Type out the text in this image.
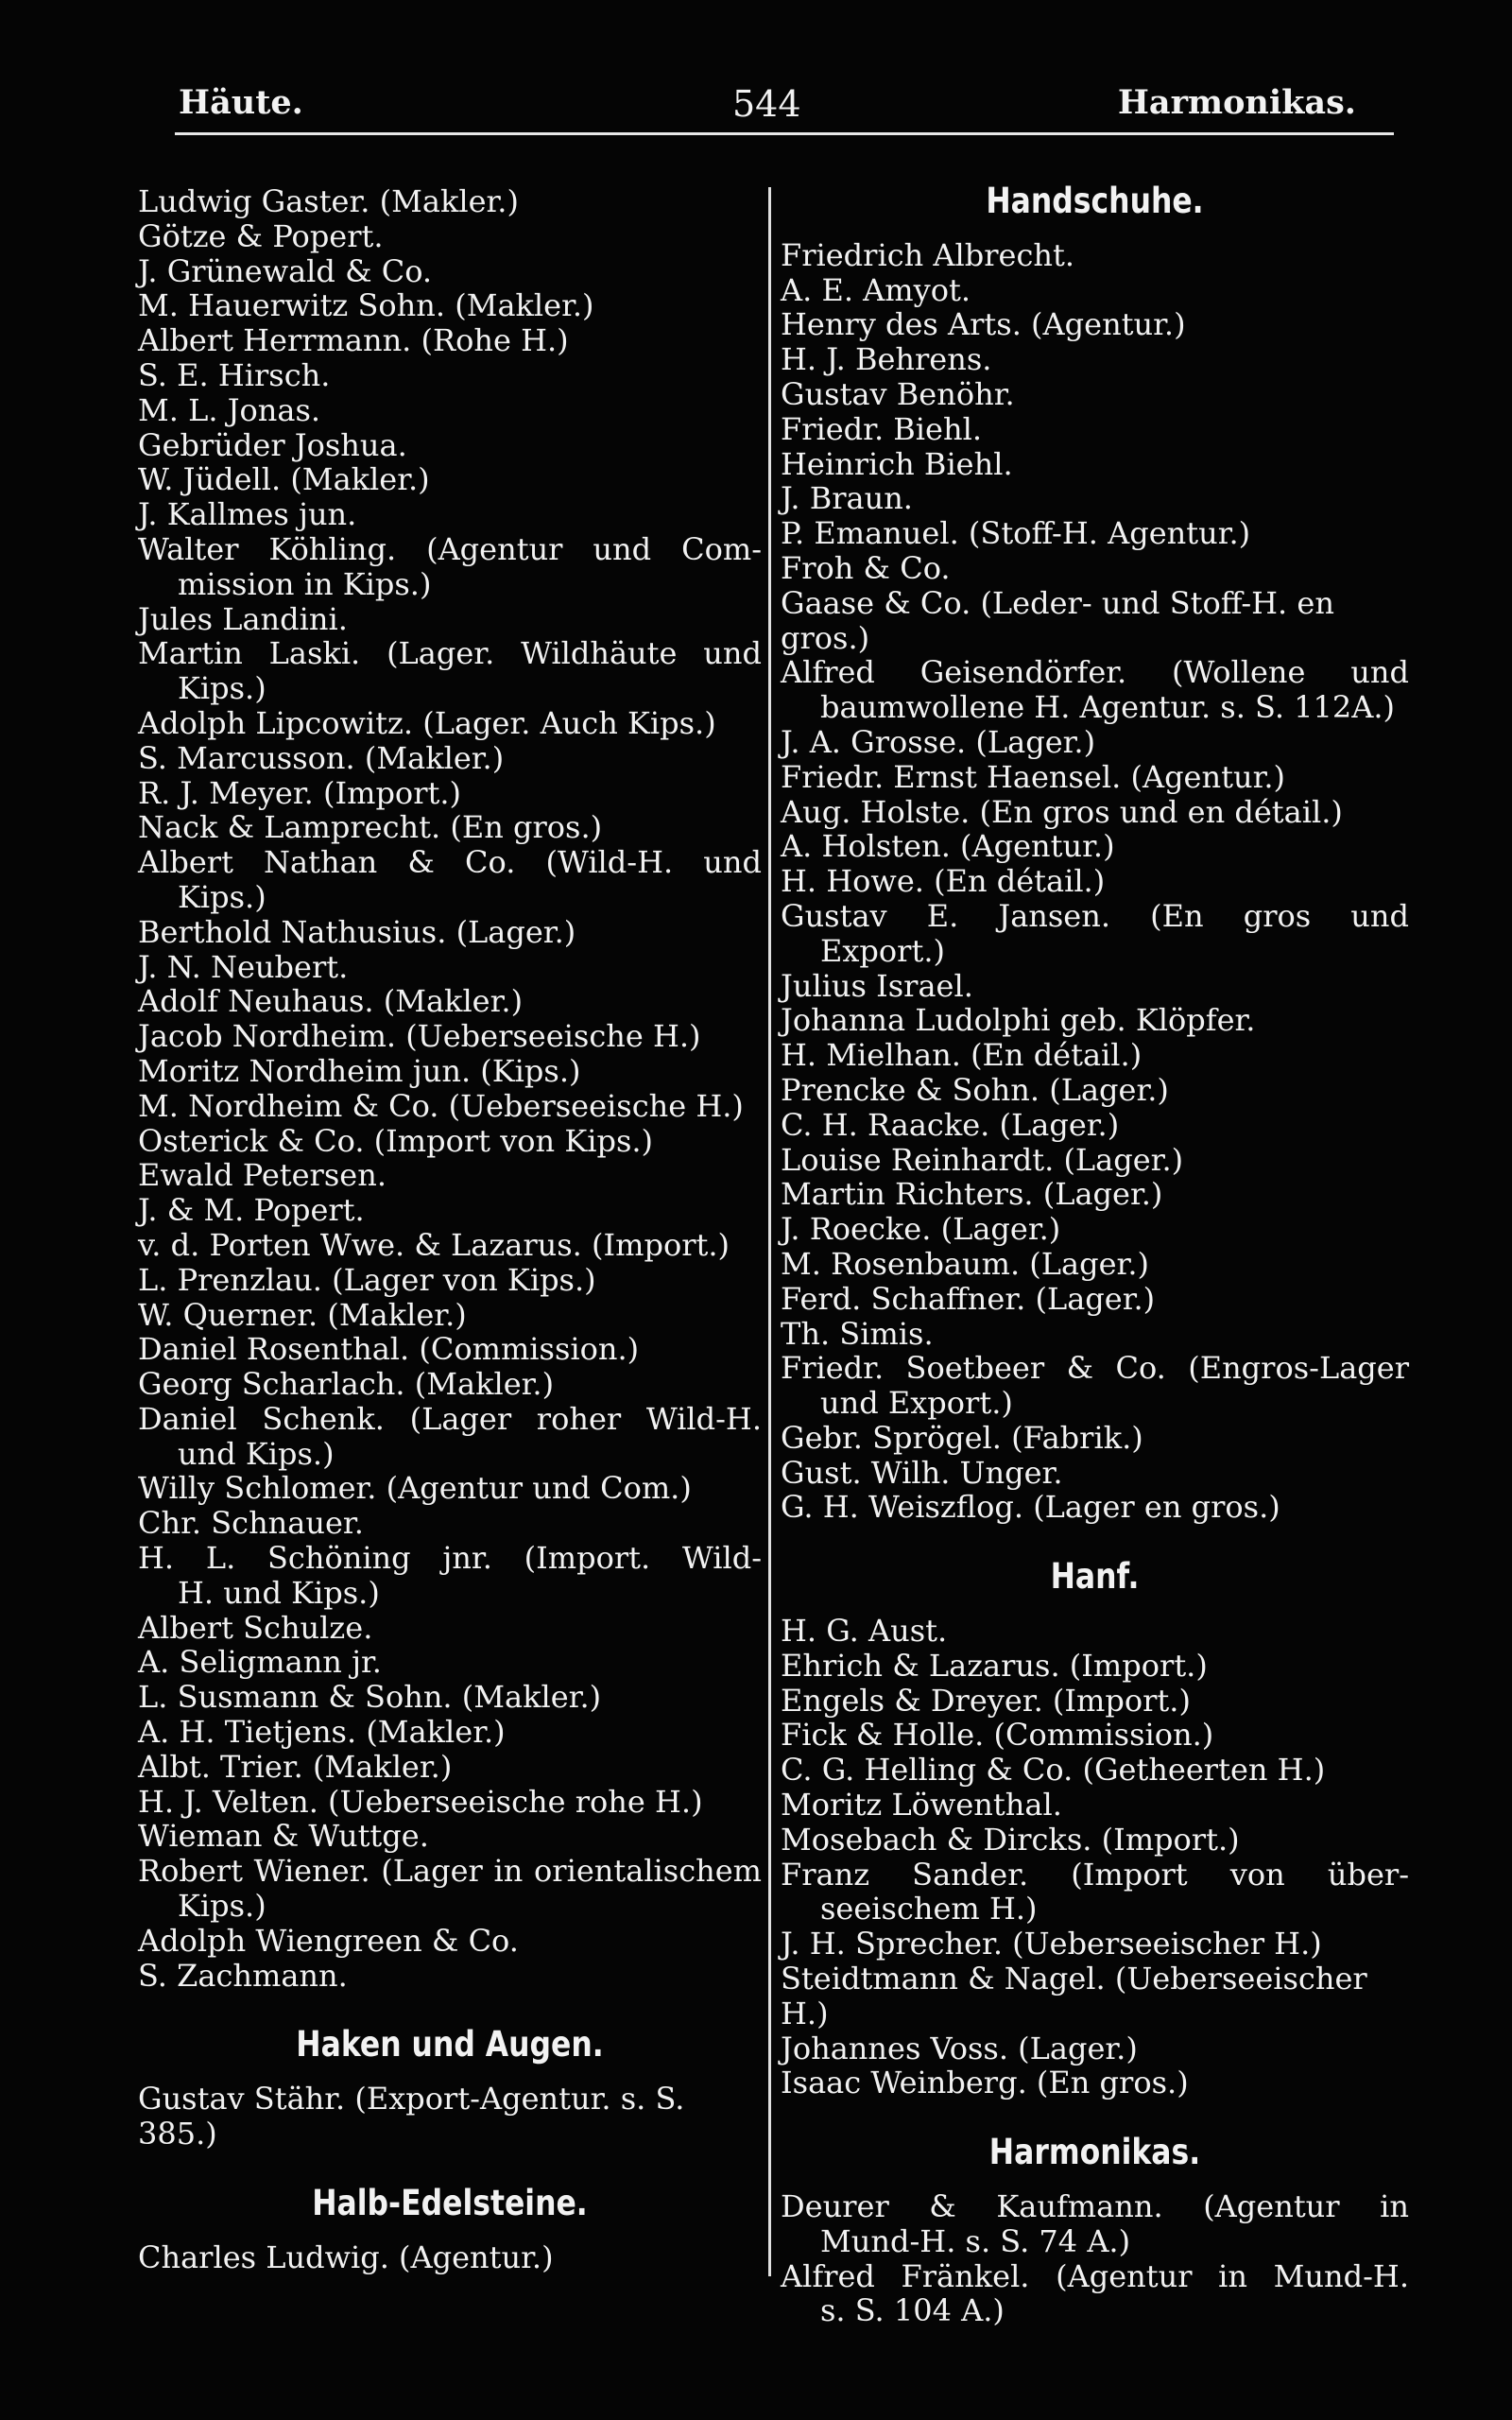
Häute.	544	Harmonikas.

Ludwig Gaster. (Makler.)

Götze & Popert.

J. Grünewald & Co.

M. Hauerwitz Sohn. (Makler.)

Albert Herrmann. (Rohe H.)

S. E. Hirsch.

M. L. Jonas.

Gebrüder Joshua.

W. Jüdell. (Makler.)

J. Kallmes jun.

Walter Köhling. (Agentur und Com-

mission in Kips.)

Jules Landini.

Martin Laski. (Lager. Wildhäute und

Kips.)

Adolph Lipcowitz. (Lager. Auch Kips.)

S. Marcusson. (Makler.)

R. J. Meyer. (Import.)

Nack & Lamprecht. (En gros.)

Albert Nathan & Co. (Wild-H. und

Kips.)

Berthold Nathusius. (Lager.)

J. N. Neubert.

Adolf Neuhaus. (Makler.)

Jacob Nordheim. (Ueberseeische H.)

Moritz Nordheim jun. (Kips.)

M. Nordheim & Co. (Ueberseeische H.)

Osterick & Co. (Import von Kips.)

Ewald Petersen.

J. & M. Popert.

v. d. Porten Wwe. & Lazarus. (Import.)

L. Prenzlau. (Lager von Kips.)

W. Querner. (Makler.)

Daniel Rosenthal. (Commission.)

Georg Scharlach. (Makler.)

Daniel Schenk. (Lager roher Wild-H.

und Kips.)

Willy Schlomer. (Agentur und Com.)

Chr. Schnauer.

H. L. Schöning jnr. (Import. Wild-

H. und Kips.)

Albert Schulze.

A. Seligmann jr.

L. Susmann & Sohn. (Makler.)

A. H. Tietjens. (Makler.)

Albt. Trier. (Makler.)

H. J. Velten. (Ueberseeische rohe H.)

Wieman & Wuttge.

Robert Wiener. (Lager in orientalischem

Kips.)

Adolph Wiengreen & Co.

S. Zachmann.

Haken und Augen.

Gustav Stähr. (Export-Agentur. s. S. 385.)

Halb-Edelsteine.

Charles Ludwig. (Agentur.)

Handschuhe.

Friedrich Albrecht.

A. E. Amyot.

Henry des Arts. (Agentur.)

H. J. Behrens.

Gustav Benöhr.

Friedr. Biehl.

Heinrich Biehl.

J. Braun.

P. Emanuel. (Stoff-H. Agentur.)

Froh & Co.

Gaase & Co. (Leder- und Stoff-H. en gros.)

Alfred Geisendörfer. (Wollene und

baumwollene H. Agentur. s. S. 112A.)

J. A. Grosse. (Lager.)

Friedr. Ernst Haensel. (Agentur.)

Aug. Holste. (En gros und en détail.)

A. Holsten. (Agentur.)

H. Howe. (En détail.)

Gustav E. Jansen. (En gros und

Export.)

Julius Israel.

Johanna Ludolphi geb. Klöpfer.

H. Mielhan. (En détail.)

Prencke & Sohn. (Lager.)

C. H. Raacke. (Lager.)

Louise Reinhardt. (Lager.)

Martin Richters. (Lager.)

J. Roecke. (Lager.)

M. Rosenbaum. (Lager.)

Ferd. Schaffner. (Lager.)

Th. Simis.

Friedr. Soetbeer & Co. (Engros-Lager

und Export.)

Gebr. Sprögel. (Fabrik.)

Gust. Wilh. Unger.

G. H. Weiszflog. (Lager en gros.)

Hanf.

H. G. Aust.

Ehrich & Lazarus. (Import.)

Engels & Dreyer. (Import.)

Fick & Holle. (Commission.)

C. G. Helling & Co. (Getheerten H.)

Moritz Löwenthal.

Mosebach & Dircks. (Import.)

Franz Sander. (Import von über-

seeischem H.)

J. H. Sprecher. (Ueberseeischer H.)

Steidtmann & Nagel. (Ueberseeischer H.)

Johannes Voss. (Lager.)

Isaac Weinberg. (En gros.)

Harmonikas.

Deurer & Kaufmann. (Agentur in

Mund-H. s. S. 74 A.)

Alfred Fränkel. (Agentur in Mund-H.

s. S. 104 A.)
